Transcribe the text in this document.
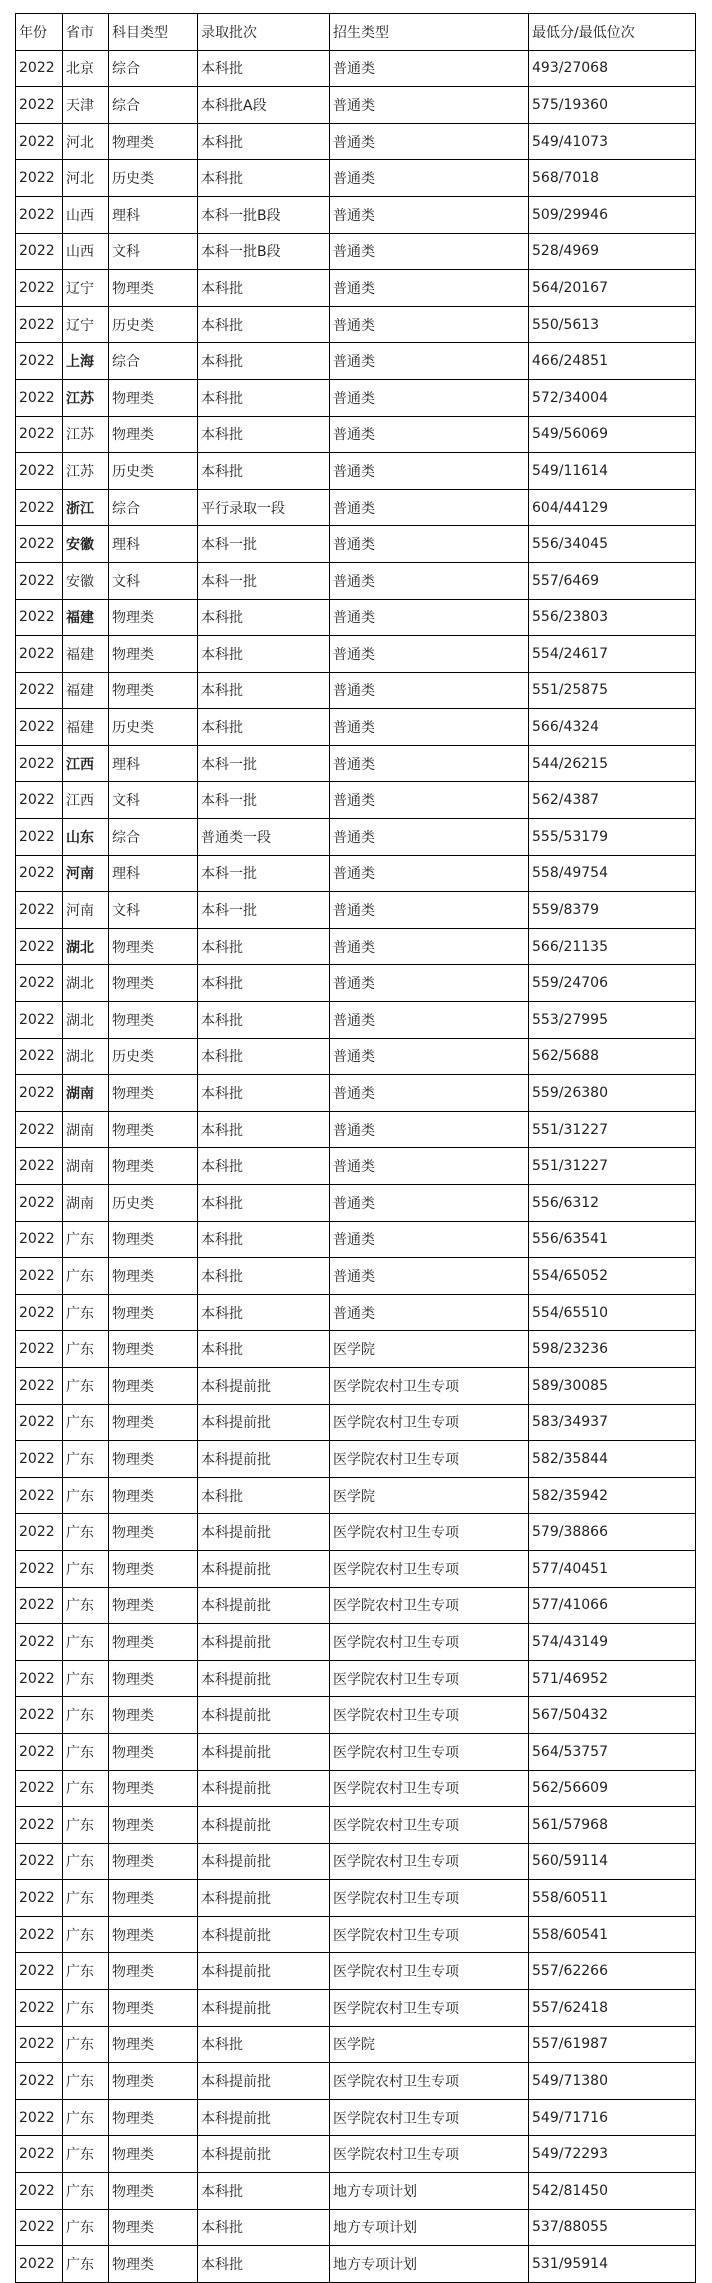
年份	省市	科目类型	录取批次	招生类型	最低分/最低位次
2022	北京	综合	本科批	普通类	493/27068
2022	天津	综合	本科批A段	普通类	575/19360
2022	河北	物理类	本科批	普通类	549/41073
2022	河北	历史类	本科批	普通类	568/7018
2022	山西	理科	本科一批B段	普通类	509/29946
2022	山西	文科	本科一批B段	普通类	528/4969
2022	辽宁	物理类	本科批	普通类	564/20167
2022	辽宁	历史类	本科批	普通类	550/5613
2022	上海	综合	本科批	普通类	466/24851
2022	江苏	物理类	本科批	普通类	572/34004
2022	江苏	物理类	本科批	普通类	549/56069
2022	江苏	历史类	本科批	普通类	549/11614
2022	浙江	综合	平行录取一段	普通类	604/44129
2022	安徽	理科	本科一批	普通类	556/34045
2022	安徽	文科	本科一批	普通类	557/6469
2022	福建	物理类	本科批	普通类	556/23803
2022	福建	物理类	本科批	普通类	554/24617
2022	福建	物理类	本科批	普通类	551/25875
2022	福建	历史类	本科批	普通类	566/4324
2022	江西	理科	本科一批	普通类	544/26215
2022	江西	文科	本科一批	普通类	562/4387
2022	山东	综合	普通类一段	普通类	555/53179
2022	河南	理科	本科一批	普通类	558/49754
2022	河南	文科	本科一批	普通类	559/8379
2022	湖北	物理类	本科批	普通类	566/21135
2022	湖北	物理类	本科批	普通类	559/24706
2022	湖北	物理类	本科批	普通类	553/27995
2022	湖北	历史类	本科批	普通类	562/5688
2022	湖南	物理类	本科批	普通类	559/26380
2022	湖南	物理类	本科批	普通类	551/31227
2022	湖南	物理类	本科批	普通类	551/31227
2022	湖南	历史类	本科批	普通类	556/6312
2022	广东	物理类	本科批	普通类	556/63541
2022	广东	物理类	本科批	普通类	554/65052
2022	广东	物理类	本科批	普通类	554/65510
2022	广东	物理类	本科批	医学院	598/23236
2022	广东	物理类	本科提前批	医学院农村卫生专项	589/30085
2022	广东	物理类	本科提前批	医学院农村卫生专项	583/34937
2022	广东	物理类	本科提前批	医学院农村卫生专项	582/35844
2022	广东	物理类	本科批	医学院	582/35942
2022	广东	物理类	本科提前批	医学院农村卫生专项	579/38866
2022	广东	物理类	本科提前批	医学院农村卫生专项	577/40451
2022	广东	物理类	本科提前批	医学院农村卫生专项	577/41066
2022	广东	物理类	本科提前批	医学院农村卫生专项	574/43149
2022	广东	物理类	本科提前批	医学院农村卫生专项	571/46952
2022	广东	物理类	本科提前批	医学院农村卫生专项	567/50432
2022	广东	物理类	本科提前批	医学院农村卫生专项	564/53757
2022	广东	物理类	本科提前批	医学院农村卫生专项	562/56609
2022	广东	物理类	本科提前批	医学院农村卫生专项	561/57968
2022	广东	物理类	本科提前批	医学院农村卫生专项	560/59114
2022	广东	物理类	本科提前批	医学院农村卫生专项	558/60511
2022	广东	物理类	本科提前批	医学院农村卫生专项	558/60541
2022	广东	物理类	本科提前批	医学院农村卫生专项	557/62266
2022	广东	物理类	本科提前批	医学院农村卫生专项	557/62418
2022	广东	物理类	本科批	医学院	557/61987
2022	广东	物理类	本科提前批	医学院农村卫生专项	549/71380
2022	广东	物理类	本科提前批	医学院农村卫生专项	549/71716
2022	广东	物理类	本科提前批	医学院农村卫生专项	549/72293
2022	广东	物理类	本科批	地方专项计划	542/81450
2022	广东	物理类	本科批	地方专项计划	537/88055
2022	广东	物理类	本科批	地方专项计划	531/95914
